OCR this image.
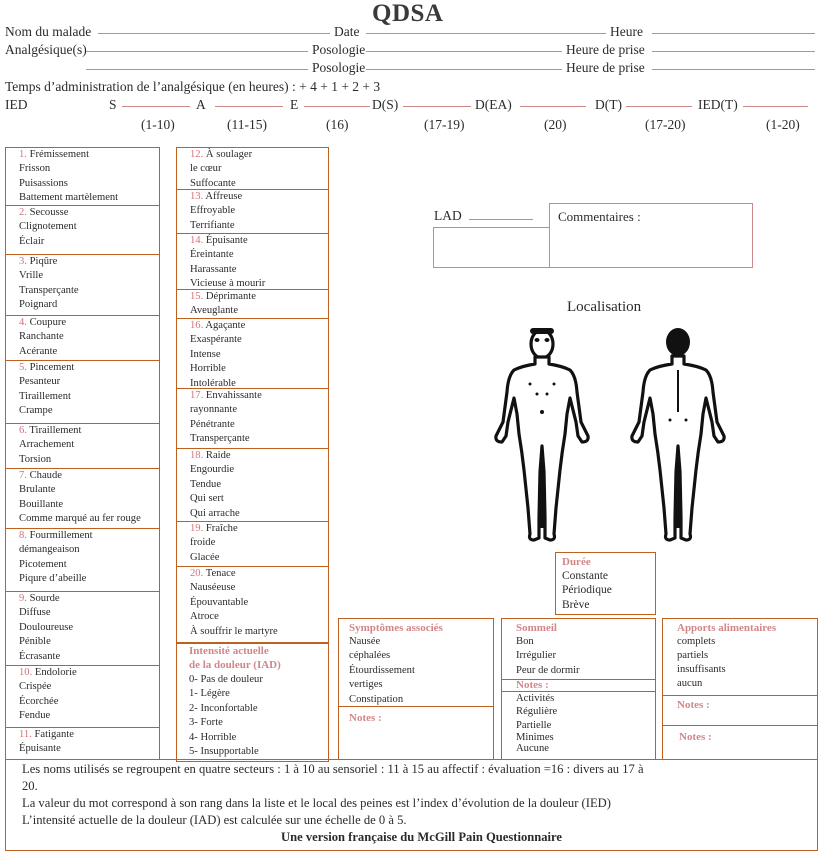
QDSA
Nom du malade	Date	Heure
Analgésique(s)	Posologie	Heure de prise
Posologie	Heure de prise
Temps d’administration de l’analgésique (en heures) : + 4 + 1 + 2 + 3
IED	S	A	E	D(S)	D(EA)	D(T)	IED(T)
(1-10)	(11-15)	(16)	(17-19)	(20)	(17-20)	(1-20)
1. Frémissement
Frisson
Puisassions
Battement martèlement
2. Secousse
Clignotement
Éclair
3. Piqûre
Vrille
Transperçante
Poignard
4. Coupure
Ranchante
Acérante
5. Pincement
Pesanteur
Tiraillement
Crampe
6. Tiraillement
Arrachement
Torsion
7. Chaude
Brulante
Bouillante
Comme marqué au fer rouge
8. Fourmillement
démangeaison
Picotement
Piqure d’abeille
9. Sourde
Diffuse
Douloureuse
Pénible
Écrasante
10. Endolorie
Crispée
Écorchée
Fendue
11. Fatigante
Épuisante
12. À soulager
le cœur
Suffocante
13. Affreuse
Effroyable
Terrifiante
14. Épuisante
Éreintante
Harassante
Vicieuse à mourir
15. Déprimante
Aveuglante
16. Agaçante
Exaspérante
Intense
Horrible
Intolérable
17. Envahissante
rayonnante
Pénétrante
Transperçante
18. Raide
Engourdie
Tendue
Qui sert
Qui arrache
19. Fraîche
froide
Glacée
20. Tenace
Nauséeuse
Épouvantable
Atroce
À souffrir le martyre
Intensité actuelle
de la douleur (IAD)
0- Pas de douleur
1- Légère
2- Inconfortable
3- Forte
4- Horrible
5- Insupportable
LAD	Commentaires :
Localisation
Durée
Constante
Périodique
Brève
Symptômes associés
Nausée
céphalées
Étourdissement
vertiges
Constipation
Notes :
Sommeil
Bon
Irrégulier
Peur de dormir
Notes :
Activités
Régulière
Partielle
Minimes
Aucune
Apports alimentaires
complets
partiels
insuffisants
aucun
Notes :
Notes :
Les noms utilisés se regroupent en quatre secteurs : 1 à 10 au sensoriel : 11 à 15 au affectif : évaluation =16 : divers au 17 à
20.
La valeur du mot correspond à son rang dans la liste et le local des peines est l’index d’évolution de la douleur (IED)
L’intensité actuelle de la douleur (IAD) est calculée sur une échelle de 0 à 5.
Une version française du McGill Pain Questionnaire
